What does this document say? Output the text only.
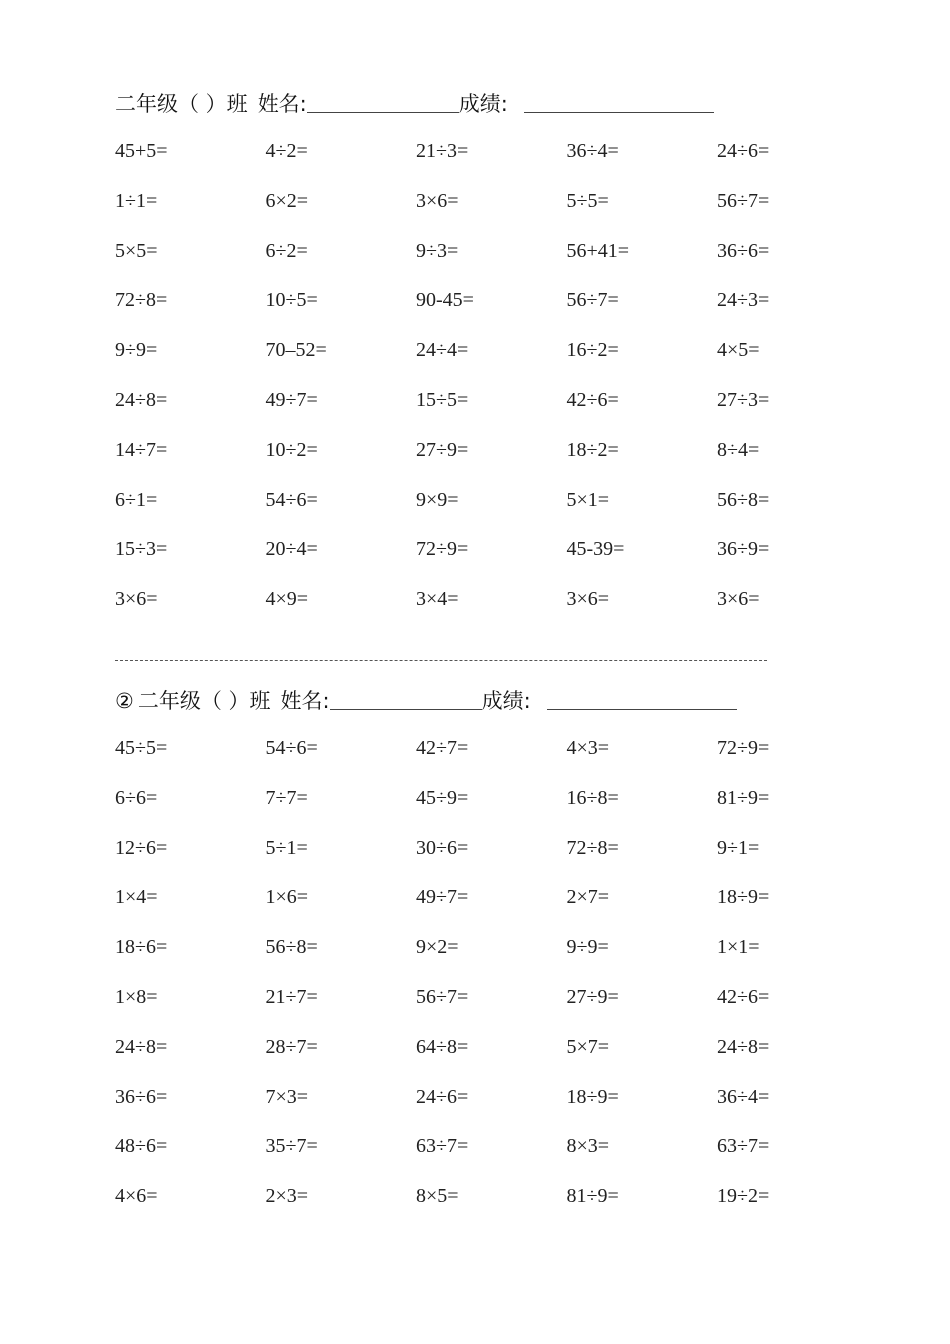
二年级（ ）班 姓名:	成绩:
45+5=	4÷2=	21÷3=	36÷4=	24÷6=
1÷1=	6×2=	3×6=	5÷5=	56÷7=
5×5=	6÷2=	9÷3=	56+41=	36÷6=
72÷8=	10÷5=	90-45=	56÷7=	24÷3=
9÷9=	70–52=	24÷4=	16÷2=	4×5=
24÷8=	49÷7=	15÷5=	42÷6=	27÷3=
14÷7=	10÷2=	27÷9=	18÷2=	8÷4=
6÷1=	54÷6=	9×9=	5×1=	56÷8=
15÷3=	20÷4=	72÷9=	45-39=	36÷9=
3×6=	4×9=	3×4=	3×6=	3×6=
② 二年级（ ）班 姓名:	成绩:
45÷5=	54÷6=	42÷7=	4×3=	72÷9=
6÷6=	7÷7=	45÷9=	16÷8=	81÷9=
12÷6=	5÷1=	30÷6=	72÷8=	9÷1=
1×4=	1×6=	49÷7=	2×7=	18÷9=
18÷6=	56÷8=	9×2=	9÷9=	1×1=
1×8=	21÷7=	56÷7=	27÷9=	42÷6=
24÷8=	28÷7=	64÷8=	5×7=	24÷8=
36÷6=	7×3=	24÷6=	18÷9=	36÷4=
48÷6=	35÷7=	63÷7=	8×3=	63÷7=
4×6=	2×3=	8×5=	81÷9=	19÷2=
